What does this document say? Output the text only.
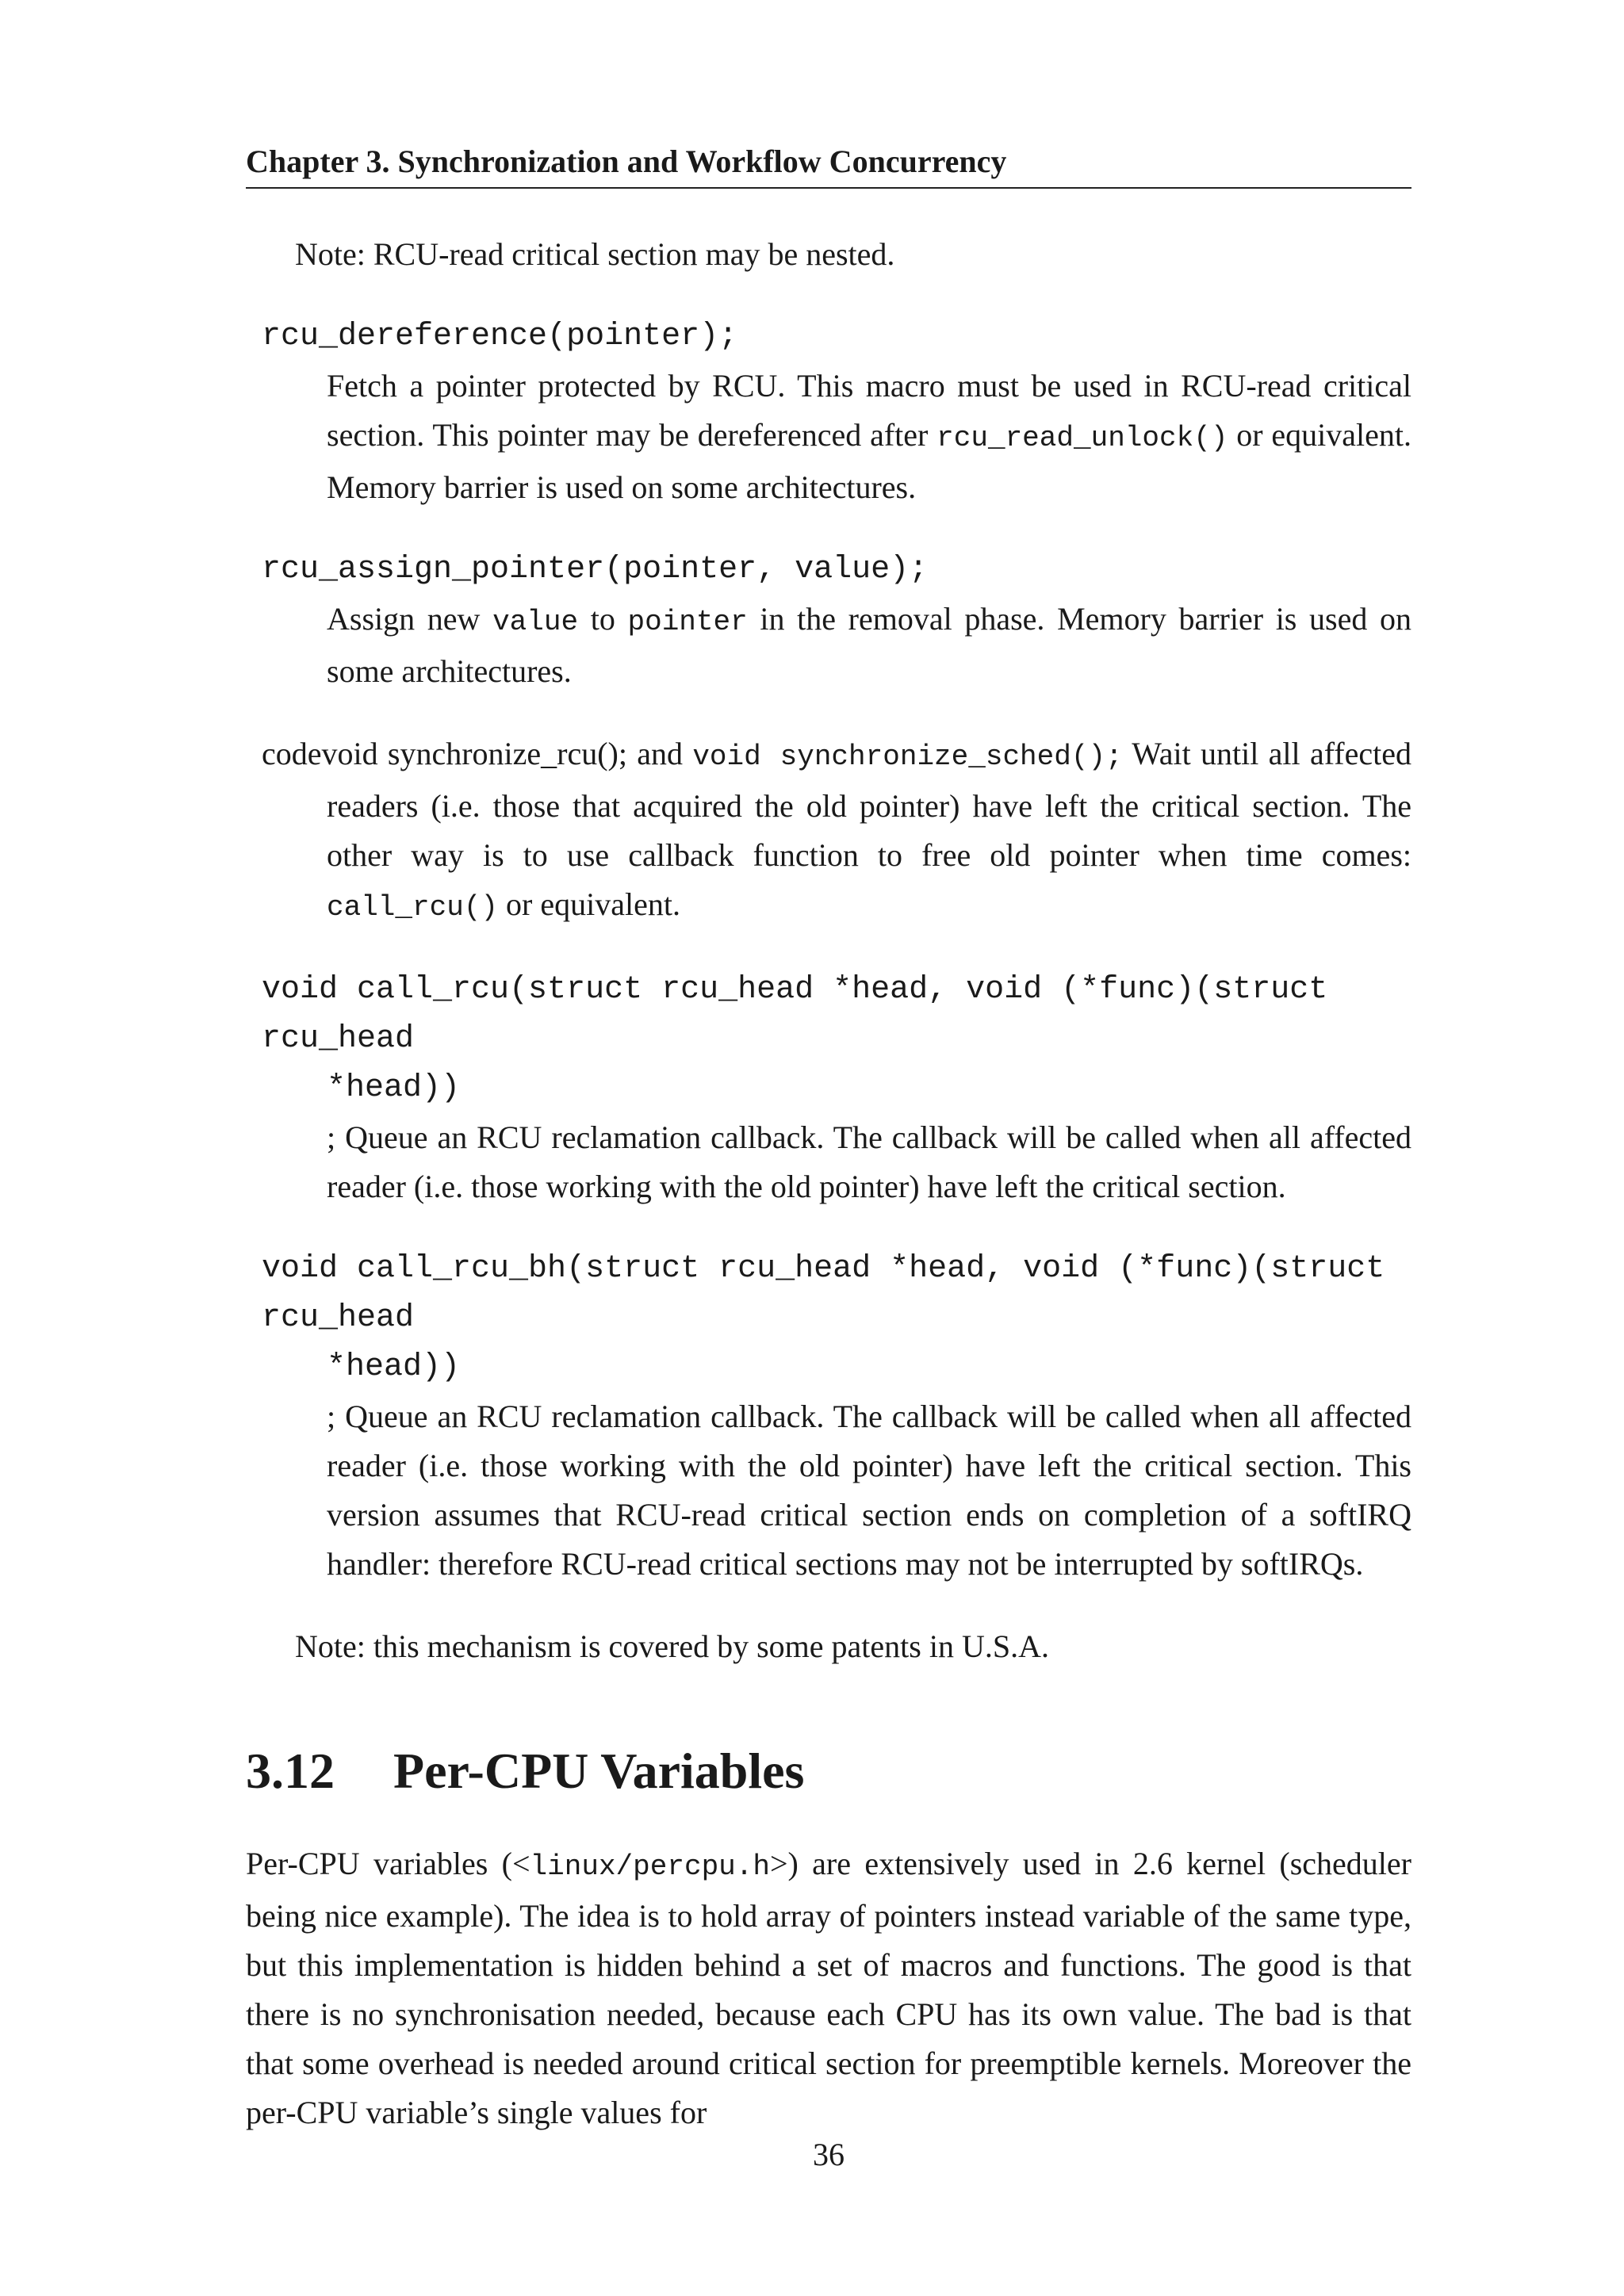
Chapter 3. Synchronization and Workflow Concurrency

Note: RCU-read critical section may be nested.

rcu_dereference(pointer);

Fetch a pointer protected by RCU. This macro must be used in RCU-read critical section. This pointer may be dereferenced after rcu_read_unlock() or equivalent. Memory barrier is used on some architectures.

rcu_assign_pointer(pointer, value);

Assign new value to pointer in the removal phase. Memory barrier is used on some architectures.

codevoid synchronize_rcu(); and void synchronize_sched(); Wait until all affected readers (i.e. those that acquired the old pointer) have left the critical section. The other way is to use callback function to free old pointer when time comes: call_rcu() or equivalent.

void call_rcu(struct rcu_head *head, void (*func)(struct rcu_head
*head))

; Queue an RCU reclamation callback. The callback will be called when all affected reader (i.e. those working with the old pointer) have left the critical section.

void call_rcu_bh(struct rcu_head *head, void (*func)(struct rcu_head
*head))

; Queue an RCU reclamation callback. The callback will be called when all affected reader (i.e. those working with the old pointer) have left the critical section. This version assumes that RCU-read critical section ends on completion of a softIRQ handler: therefore RCU-read critical sections may not be interrupted by softIRQs.

Note: this mechanism is covered by some patents in U.S.A.

3.12 Per-CPU Variables

Per-CPU variables (<linux/percpu.h>) are extensively used in 2.6 kernel (scheduler being nice example). The idea is to hold array of pointers instead variable of the same type, but this implementation is hidden behind a set of macros and functions. The good is that there is no synchronisation needed, because each CPU has its own value. The bad is that that some overhead is needed around critical section for preemptible kernels. Moreover the per-CPU variable’s single values for

36
